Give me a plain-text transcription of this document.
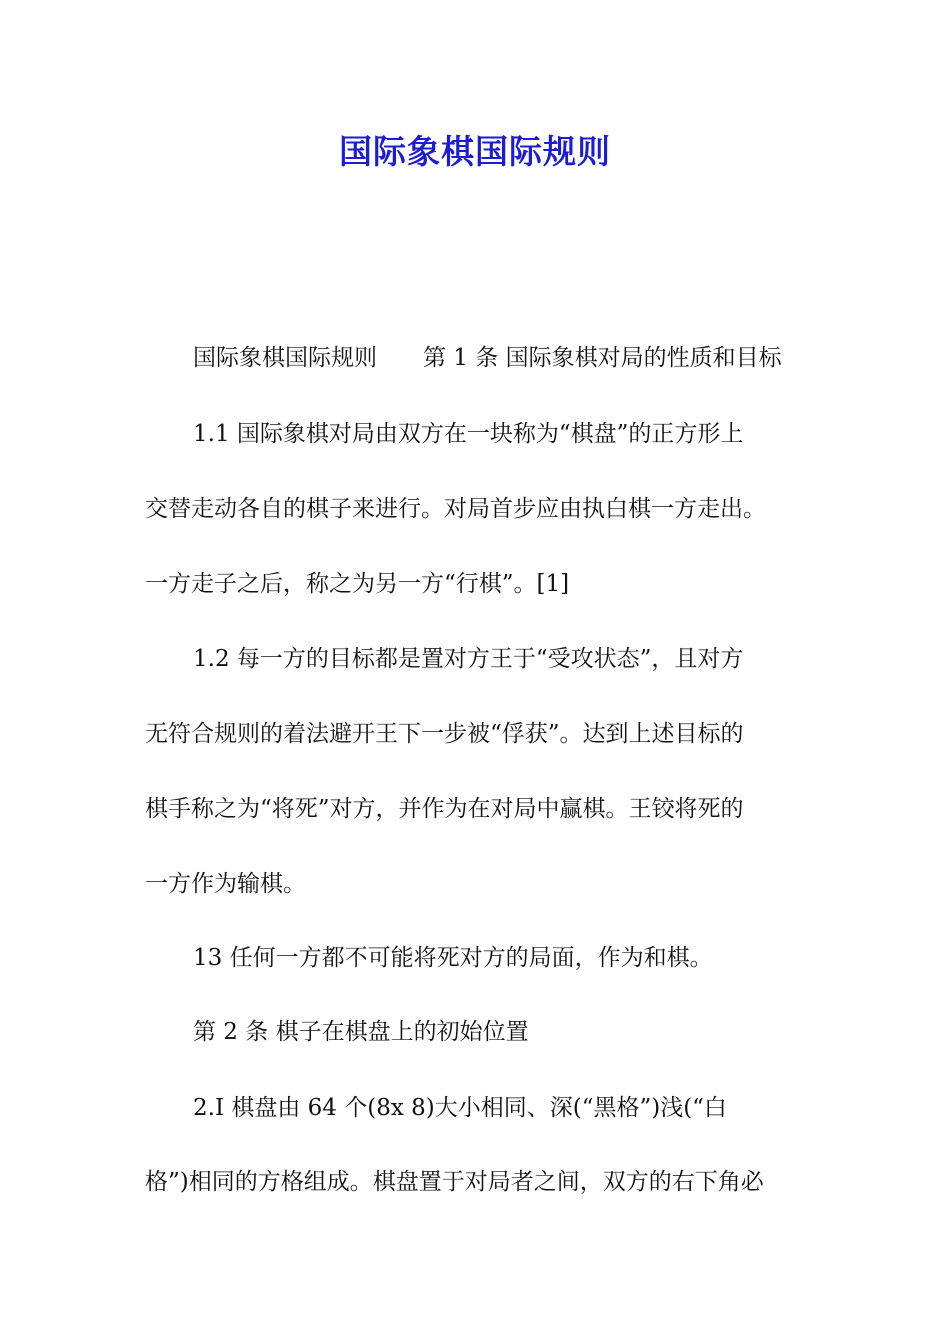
国际象棋国际规则
国际象棋国际规则 第 1 条 国际象棋对局的性质和目标
1.1 国际象棋对局由双方在一块称为“棋盘”的正方形上
交替走动各自的棋子来进行。对局首步应由执白棋一方走出。
一方走子之后，称之为另一方“行棋”。[1]
1.2 每一方的目标都是置对方王于“受攻状态”，且对方
无符合规则的着法避开王下一步被“俘获”。达到上述目标的
棋手称之为“将死”对方，并作为在对局中赢棋。王铰将死的
一方作为输棋。
13 任何一方都不可能将死对方的局面，作为和棋。
第 2 条 棋子在棋盘上的初始位置
2.I 棋盘由 64 个(8x 8)大小相同、深(“黑格”)浅(“白
格”)相同的方格组成。棋盘置于对局者之间，双方的右下角必
